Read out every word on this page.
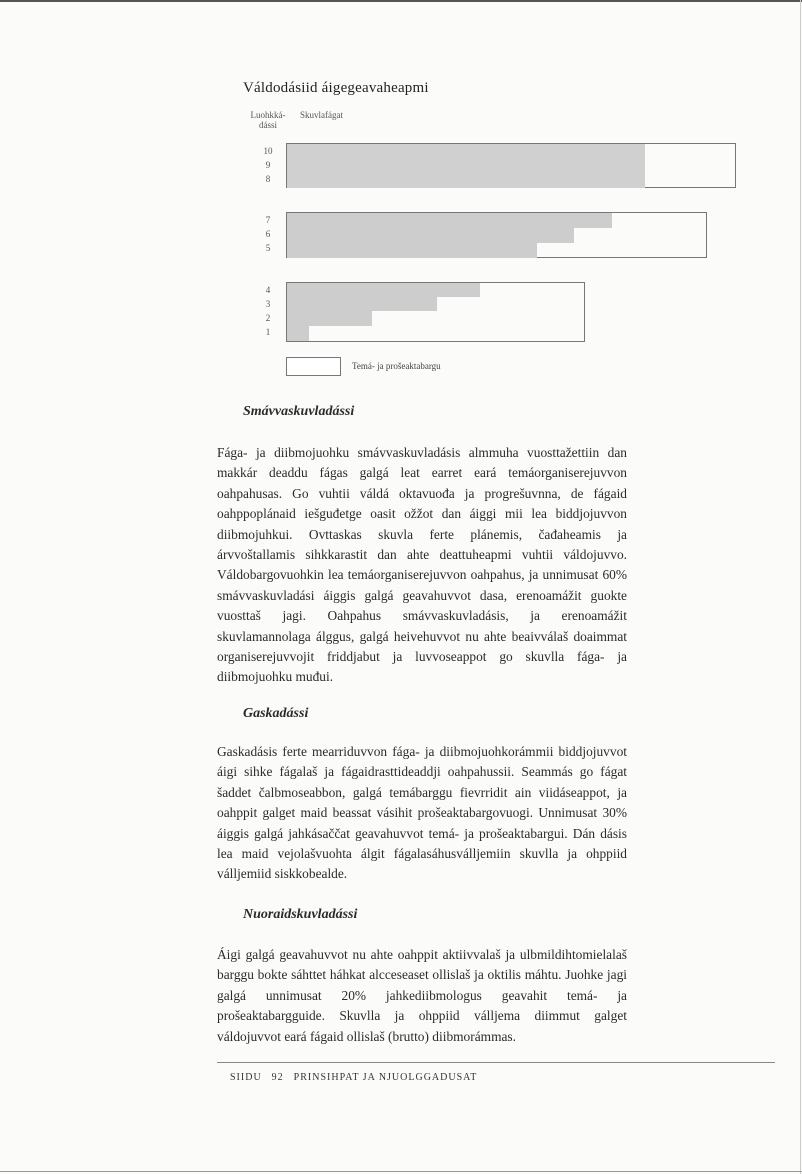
Váldodásiid áigegeavaheapmi
Luohkká-
dássi
Skuvlafágat
10
9
8
7
6
5
4
3
2
1
Temá- ja prošeaktabargu
Smávvaskuvladássi
Fága- ja diibmojuohku smávvaskuvladásis almmuha vuosttažettiin dan makkár deaddu fágas galgá leat earret eará temáorganiserejuvvon oahpahusas. Go vuhtii váldá oktavuođa ja progrešuvnna, de fágaid oahppoplánaid iešguđetge oasit ožžot dan áiggi mii lea biddjojuvvon diibmojuhkui. Ovttaskas skuvla ferte plánemis, čađaheamis ja árvvoštallamis sihkkarastit dan ahte deattuheapmi vuhtii váldojuvvo. Váldobargovuohkin lea temáorganiserejuvvon oahpahus, ja unnimusat 60% smávvaskuvladási áiggis galgá geavahuvvot dasa, erenoamážit guokte vuosttaš jagi. Oahpahus smávvaskuvladásis, ja erenoamážit skuvlamannolaga álggus, galgá heivehuvvot nu ahte beaivválaš doaimmat organiserejuvvojit friddjabut ja luvvoseappot go skuvlla fága- ja diibmojuohku muđui.
Gaskadássi
Gaskadásis ferte mearriduvvon fága- ja diibmojuohkorámmii biddjojuvvot áigi sihke fágalaš ja fágaidrasttideaddji oahpahussii. Seammás go fágat šaddet čalbmoseabbon, galgá temábarggu fievrridit ain viidáseappot, ja oahppit galget maid beassat vásihit prošeaktabargovuogi. Unnimusat 30% áiggis galgá jahkásaččat geavahuvvot temá- ja prošeaktabargui. Dán dásis lea maid vejolašvuohta álgit fágalasáhusválljemiin skuvlla ja ohppiid válljemiid siskkobealde.
Nuoraidskuvladássi
Áigi galgá geavahuvvot nu ahte oahppit aktiivvalaš ja ulbmildihtomielalaš barggu bokte sáhttet háhkat alcceseaset ollislaš ja oktilis máhtu. Juohke jagi galgá unnimusat 20% jahkediibmologus geavahit temá- ja prošeaktabargguide. Skuvlla ja ohppiid válljema diimmut galget váldojuvvot eará fágaid ollislaš (brutto) diibmorámmas.
SIIDU 92 PRINSIHPAT JA NJUOLGGADUSAT
